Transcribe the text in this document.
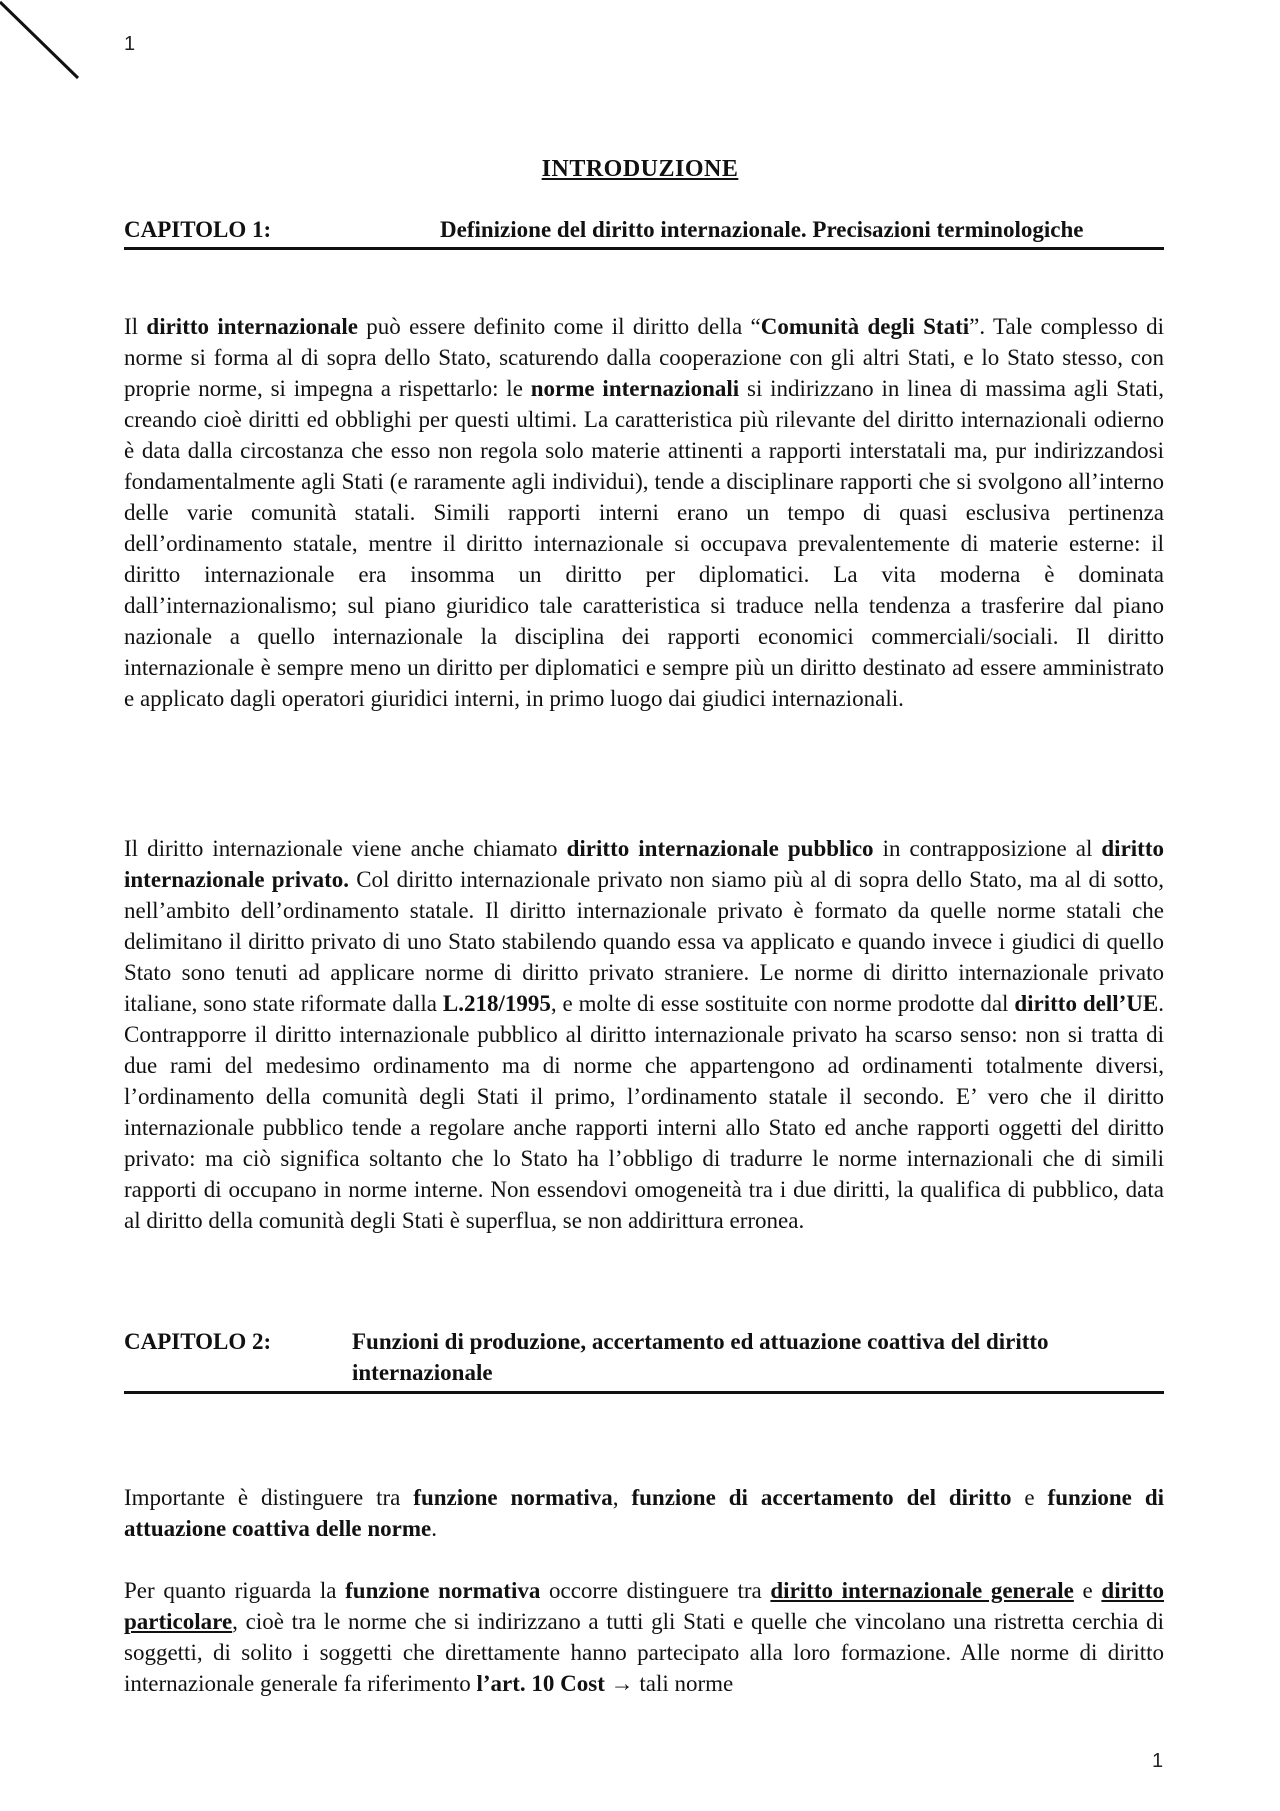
1
INTRODUZIONE
CAPITOLO 1:	Definizione del diritto internazionale. Precisazioni terminologiche

Il diritto internazionale può essere definito come il diritto della “Comunità degli Stati”. Tale complesso di norme si forma al di sopra dello Stato, scaturendo dalla cooperazione con gli altri Stati, e lo Stato stesso, con proprie norme, si impegna a rispettarlo: le norme internazionali si indirizzano in linea di massima agli Stati, creando cioè diritti ed obblighi per questi ultimi. La caratteristica più rilevante del diritto internazionali odierno è data dalla circostanza che esso non regola solo materie attinenti a rapporti interstatali ma, pur indirizzandosi fondamentalmente agli Stati (e raramente agli individui), tende a disciplinare rapporti che si svolgono all’interno delle varie comunità statali. Simili rapporti interni erano un tempo di quasi esclusiva pertinenza dell’ordinamento statale, mentre il diritto internazionale si occupava prevalentemente di materie esterne: il diritto internazionale era insomma un diritto per diplomatici. La vita moderna è dominata dall’internazionalismo; sul piano giuridico tale caratteristica si traduce nella tendenza a trasferire dal piano nazionale a quello internazionale la disciplina dei rapporti economici commerciali/sociali. Il diritto internazionale è sempre meno un diritto per diplomatici e sempre più un diritto destinato ad essere amministrato e applicato dagli operatori giuridici interni, in primo luogo dai giudici internazionali.

Il diritto internazionale viene anche chiamato diritto internazionale pubblico in contrapposizione al diritto internazionale privato. Col diritto internazionale privato non siamo più al di sopra dello Stato, ma al di sotto, nell’ambito dell’ordinamento statale. Il diritto internazionale privato è formato da quelle norme statali che delimitano il diritto privato di uno Stato stabilendo quando essa va applicato e quando invece i giudici di quello Stato sono tenuti ad applicare norme di diritto privato straniere. Le norme di diritto internazionale privato italiane, sono state riformate dalla L.218/1995, e molte di esse sostituite con norme prodotte dal diritto dell’UE. Contrapporre il diritto internazionale pubblico al diritto internazionale privato ha scarso senso: non si tratta di due rami del medesimo ordinamento ma di norme che appartengono ad ordinamenti totalmente diversi, l’ordinamento della comunità degli Stati il primo, l’ordinamento statale il secondo. E’ vero che il diritto internazionale pubblico tende a regolare anche rapporti interni allo Stato ed anche rapporti oggetti del diritto privato: ma ciò significa soltanto che lo Stato ha l’obbligo di tradurre le norme internazionali che di simili rapporti di occupano in norme interne. Non essendovi omogeneità tra i due diritti, la qualifica di pubblico, data al diritto della comunità degli Stati è superflua, se non addirittura erronea.

CAPITOLO 2:	Funzioni di produzione, accertamento ed attuazione coattiva del diritto
internazionale

Importante è distinguere tra funzione normativa, funzione di accertamento del diritto e funzione di attuazione coattiva delle norme.

Per quanto riguarda la funzione normativa occorre distinguere tra diritto internazionale generale e diritto particolare, cioè tra le norme che si indirizzano a tutti gli Stati e quelle che vincolano una ristretta cerchia di soggetti, di solito i soggetti che direttamente hanno partecipato alla loro formazione. Alle norme di diritto internazionale generale fa riferimento l’art. 10 Cost → tali norme

1
